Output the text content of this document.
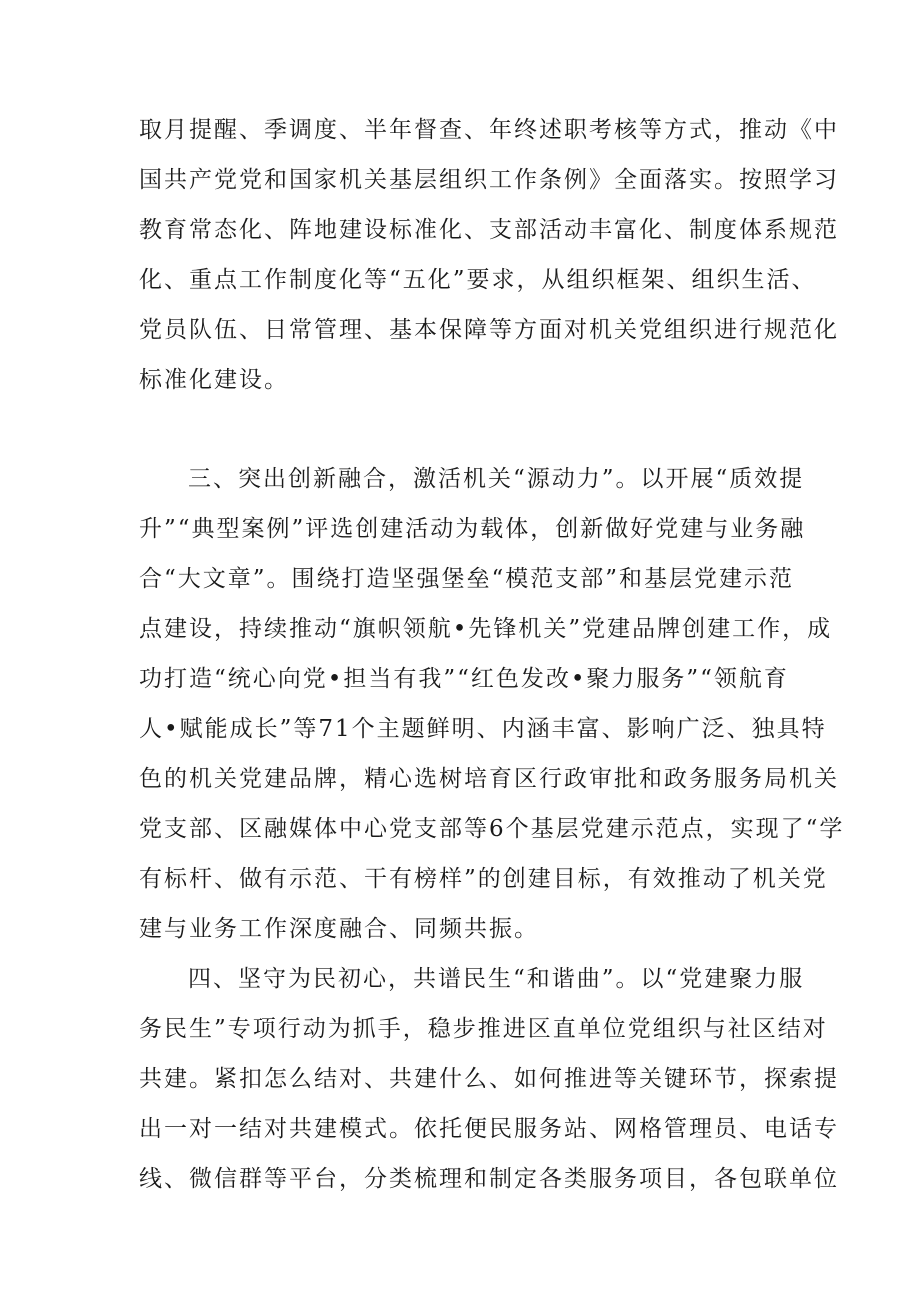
取月提醒、季调度、半年督查、年终述职考核等方式，推动《中
国共产党党和国家机关基层组织工作条例》全面落实。按照学习
教育常态化、阵地建设标准化、支部活动丰富化、制度体系规范
化、重点工作制度化等“五化”要求，从组织框架、组织生活、
党员队伍、日常管理、基本保障等方面对机关党组织进行规范化
标准化建设。
三、突出创新融合，激活机关“源动力”。以开展“质效提
升”“典型案例”评选创建活动为载体，创新做好党建与业务融
合“大文章”。围绕打造坚强堡垒“模范支部”和基层党建示范
点建设，持续推动“旗帜领航•先锋机关”党建品牌创建工作，成
功打造“统心向党•担当有我”“红色发改•聚力服务”“领航育
人•赋能成长”等71个主题鲜明、内涵丰富、影响广泛、独具特
色的机关党建品牌，精心选树培育区行政审批和政务服务局机关
党支部、区融媒体中心党支部等6个基层党建示范点，实现了“学
有标杆、做有示范、干有榜样”的创建目标，有效推动了机关党
建与业务工作深度融合、同频共振。
四、坚守为民初心，共谱民生“和谐曲”。以“党建聚力服
务民生”专项行动为抓手，稳步推进区直单位党组织与社区结对
共建。紧扣怎么结对、共建什么、如何推进等关键环节，探索提
出一对一结对共建模式。依托便民服务站、网格管理员、电话专
线、微信群等平台，分类梳理和制定各类服务项目，各包联单位
